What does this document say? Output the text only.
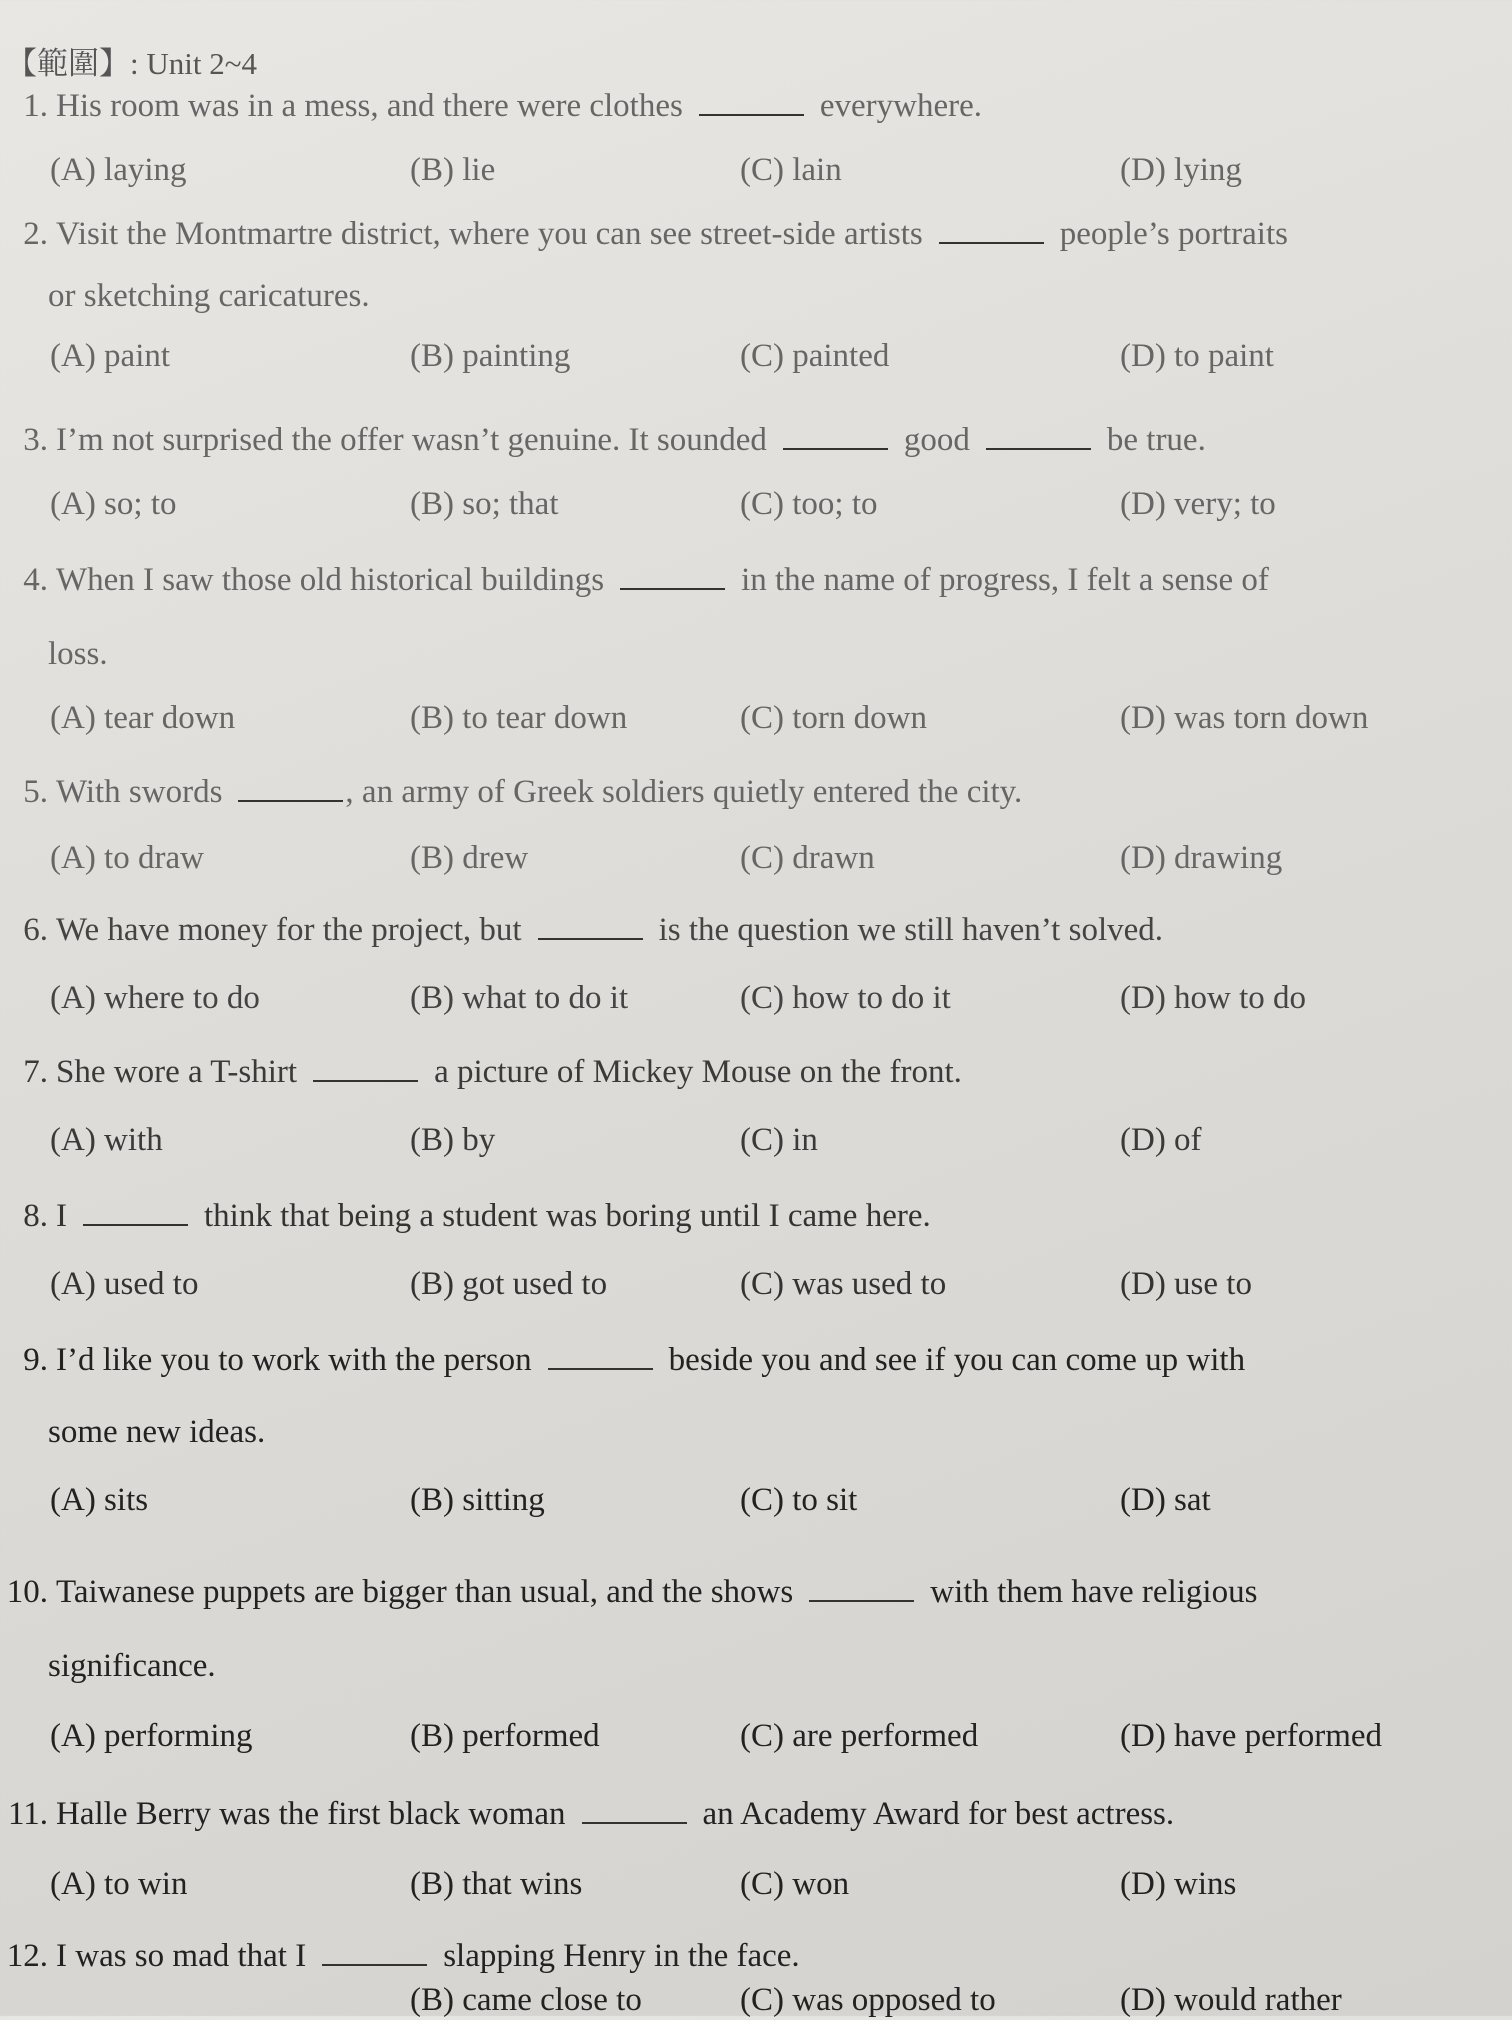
【範圍】: Unit 2~4
1. His room was in a mess, and there were clothes	everywhere.
(A) laying	(B) lie	(C) lain	(D) lying
2. Visit the Montmartre district, where you can see street-side artists	people’s portraits
or sketching caricatures.
(A) paint	(B) painting	(C) painted	(D) to paint
3. I’m not surprised the offer wasn’t genuine. It sounded	good	be true.
(A) so; to	(B) so; that	(C) too; to	(D) very; to
4. When I saw those old historical buildings	in the name of progress, I felt a sense of
loss.
(A) tear down	(B) to tear down	(C) torn down	(D) was torn down
5. With swords	, an army of Greek soldiers quietly entered the city.
(A) to draw	(B) drew	(C) drawn	(D) drawing
6. We have money for the project, but	is the question we still haven’t solved.
(A) where to do	(B) what to do it	(C) how to do it	(D) how to do
7. She wore a T-shirt	a picture of Mickey Mouse on the front.
(A) with	(B) by	(C) in	(D) of
8. I	think that being a student was boring until I came here.
(A) used to	(B) got used to	(C) was used to	(D) use to
9. I’d like you to work with the person	beside you and see if you can come up with
some new ideas.
(A) sits	(B) sitting	(C) to sit	(D) sat
10. Taiwanese puppets are bigger than usual, and the shows	with them have religious
significance.
(A) performing	(B) performed	(C) are performed	(D) have performed
11. Halle Berry was the first black woman	an Academy Award for best actress.
(A) to win	(B) that wins	(C) won	(D) wins
12. I was so mad that I	slapping Henry in the face.
(B) came close to	(C) was opposed to	(D) would rather
